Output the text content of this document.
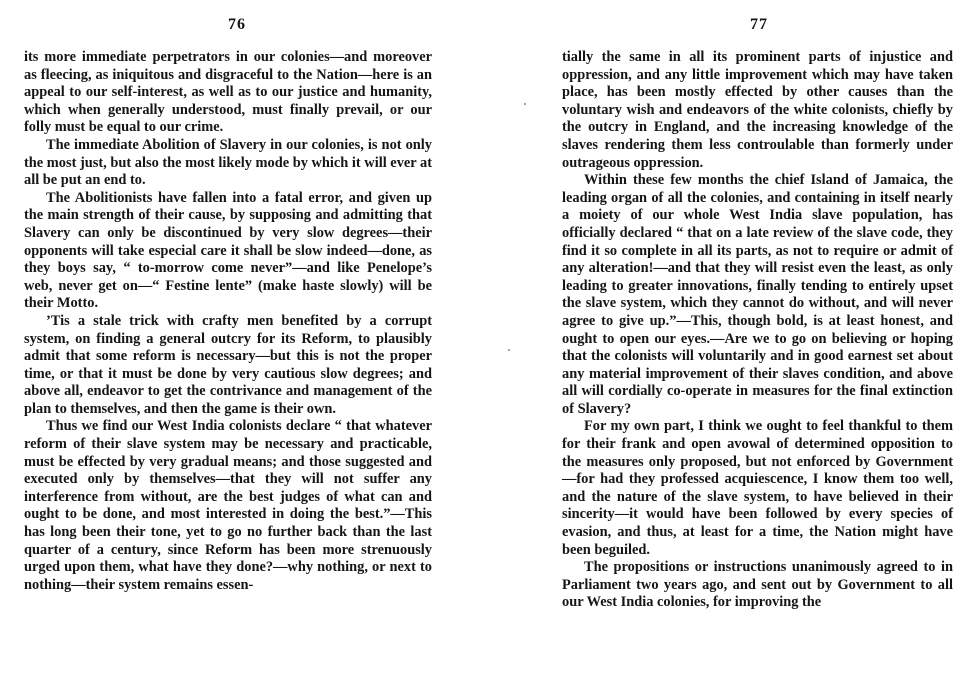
76

its more immediate perpetrators in our colonies—and moreover as fleecing, as iniquitous and disgraceful to the Nation—here is an appeal to our self-interest, as well as to our justice and humanity, which when generally understood, must finally prevail, or our folly must be equal to our crime.

The immediate Abolition of Slavery in our colonies, is not only the most just, but also the most likely mode by which it will ever at all be put an end to.

The Abolitionists have fallen into a fatal error, and given up the main strength of their cause, by supposing and admitting that Slavery can only be discontinued by very slow degrees—their opponents will take especial care it shall be slow indeed—done, as they boys say, “ to-morrow come never”—and like Penelope’s web, never get on—“ Festine lente” (make haste slowly) will be their Motto.

’Tis a stale trick with crafty men benefited by a corrupt system, on finding a general outcry for its Reform, to plausibly admit that some reform is necessary—but this is not the proper time, or that it must be done by very cautious slow degrees; and above all, endeavor to get the contrivance and management of the plan to themselves, and then the game is their own.

Thus we find our West India colonists declare “ that whatever reform of their slave system may be necessary and practicable, must be effected by very gradual means; and those suggested and executed only by themselves—that they will not suffer any interference from without, are the best judges of what can and ought to be done, and most interested in doing the best.”—This has long been their tone, yet to go no further back than the last quarter of a century, since Reform has been more strenuously urged upon them, what have they done?—why nothing, or next to nothing—their system remains essen-

77

tially the same in all its prominent parts of injustice and oppression, and any little improvement which may have taken place, has been mostly effected by other causes than the voluntary wish and endeavors of the white colonists, chiefly by the outcry in England, and the increasing knowledge of the slaves rendering them less controulable than formerly under outrageous oppression.

Within these few months the chief Island of Jamaica, the leading organ of all the colonies, and containing in itself nearly a moiety of our whole West India slave population, has officially declared “ that on a late review of the slave code, they find it so complete in all its parts, as not to require or admit of any alteration!—and that they will resist even the least, as only leading to greater innovations, finally tending to entirely upset the slave system, which they cannot do without, and will never agree to give up.”—This, though bold, is at least honest, and ought to open our eyes.—Are we to go on believing or hoping that the colonists will voluntarily and in good earnest set about any material improvement of their slaves condition, and above all will cordially co-operate in measures for the final extinction of Slavery?

For my own part, I think we ought to feel thankful to them for their frank and open avowal of determined opposition to the measures only proposed, but not enforced by Government—for had they professed acquiescence, I know them too well, and the nature of the slave system, to have believed in their sincerity—it would have been followed by every species of evasion, and thus, at least for a time, the Nation might have been beguiled.

The propositions or instructions unanimously agreed to in Parliament two years ago, and sent out by Government to all our West India colonies, for improving the
